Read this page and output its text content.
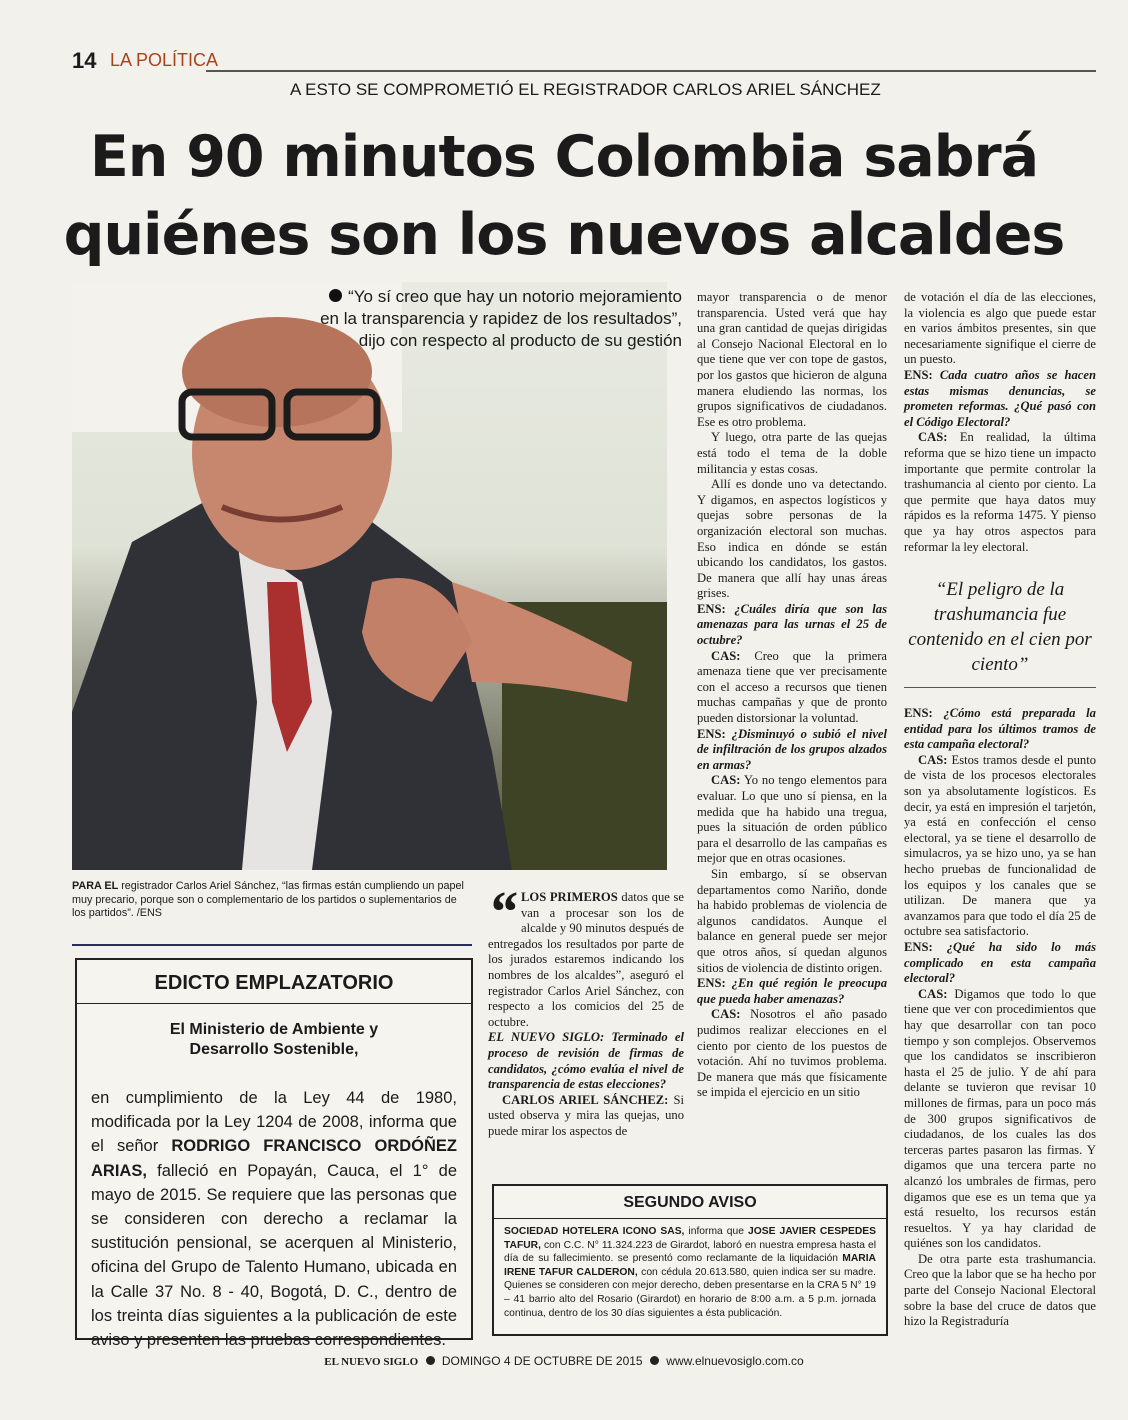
14 LA POLÍTICA
A ESTO SE COMPROMETIÓ EL REGISTRADOR CARLOS ARIEL SÁNCHEZ
En 90 minutos Colombia sabrá
quiénes son los nuevos alcaldes
“Yo sí creo que hay un notorio mejoramiento
en la transparencia y rapidez de los resultados”,
dijo con respecto al producto de su gestión
PARA EL registrador Carlos Ariel Sánchez, “las firmas están cumpliendo un papel muy precario, porque son o complementario de los partidos o suplementarios de los partidos”. /ENS	“ LOS PRIMEROS datos que se van a procesar son los de alcalde y 90 minutos después de entregados los resultados por parte de los jurados estaremos indicando los nombres de los alcaldes”, aseguró el registrador Carlos Ariel Sánchez, con respecto a los comicios del 25 de octubre.

EL NUEVO SIGLO: Terminado el proceso de revisión de firmas de candidatos, ¿cómo evalúa el nivel de transparencia de estas elecciones?

CARLOS ARIEL SÁNCHEZ: Si usted observa y mira las quejas, uno puede mirar los aspectos de

mayor transparencia o de menor transparencia. Usted verá que hay una gran cantidad de quejas dirigidas al Consejo Nacional Electoral en lo que tiene que ver con tope de gastos, por los gastos que hicieron de alguna manera eludiendo las normas, los grupos significativos de ciudadanos. Ese es otro problema.

Y luego, otra parte de las quejas está todo el tema de la doble militancia y estas cosas.

Allí es donde uno va detectando. Y digamos, en aspectos logísticos y quejas sobre personas de la organización electoral son muchas. Eso indica en dónde se están ubicando los candidatos, los gastos. De manera que allí hay unas áreas grises.

ENS: ¿Cuáles diría que son las amenazas para las urnas el 25 de octubre?

CAS: Creo que la primera amenaza tiene que ver precisamente con el acceso a recursos que tienen muchas campañas y que de pronto pueden distorsionar la voluntad.

ENS: ¿Disminuyó o subió el nivel de infiltración de los grupos alzados en armas?

CAS: Yo no tengo elementos para evaluar. Lo que uno sí piensa, en la medida que ha habido una tregua, pues la situación de orden público para el desarrollo de las campañas es mejor que en otras ocasiones.

Sin embargo, sí se observan departamentos como Nariño, donde ha habido problemas de violencia de algunos candidatos. Aunque el balance en general puede ser mejor que otros años, sí quedan algunos sitios de violencia de distinto origen.

ENS: ¿En qué región le preocupa que pueda haber amenazas?

CAS: Nosotros el año pasado pudimos realizar elecciones en el ciento por ciento de los puestos de votación. Ahí no tuvimos problema. De manera que más que físicamente se impida el ejercicio en un sitio

de votación el día de las elecciones, la violencia es algo que puede estar en varios ámbitos presentes, sin que necesariamente signifique el cierre de un puesto.

ENS: Cada cuatro años se hacen estas mismas denuncias, se prometen reformas. ¿Qué pasó con el Código Electoral?

CAS: En realidad, la última reforma que se hizo tiene un impacto importante que permite controlar la trashumancia al ciento por ciento. La que permite que haya datos muy rápidos es la reforma 1475. Y pienso que ya hay otros aspectos para reformar la ley electoral.

“El peligro de la trashumancia fue contenido en el cien por ciento”

ENS: ¿Cómo está preparada la entidad para los últimos tramos de esta campaña electoral?

CAS: Estos tramos desde el punto de vista de los procesos electorales son ya absolutamente logísticos. Es decir, ya está en impresión el tarjetón, ya está en confección el censo electoral, ya se tiene el desarrollo de simulacros, ya se hizo uno, ya se han hecho pruebas de funcionalidad de los equipos y los canales que se utilizan. De manera que ya avanzamos para que todo el día 25 de octubre sea satisfactorio.

ENS: ¿Qué ha sido lo más complicado en esta campaña electoral?

CAS: Digamos que todo lo que tiene que ver con procedimientos que hay que desarrollar con tan poco tiempo y son complejos. Observemos que los candidatos se inscribieron hasta el 25 de julio. Y de ahí para delante se tuvieron que revisar 10 millones de firmas, para un poco más de 300 grupos significativos de ciudadanos, de los cuales las dos terceras partes pasaron las firmas. Y digamos que una tercera parte no alcanzó los umbrales de firmas, pero digamos que ese es un tema que ya está resuelto, los recursos están resueltos. Y ya hay claridad de quiénes son los candidatos.

De otra parte esta trashumancia. Creo que la labor que se ha hecho por parte del Consejo Nacional Electoral sobre la base del cruce de datos que hizo la Registraduría

EDICTO EMPLAZATORIO
El Ministerio de Ambiente y
Desarrollo Sostenible,
en cumplimiento de la Ley 44 de 1980, modificada por la Ley 1204 de 2008, informa que el señor RODRIGO FRANCISCO ORDÓÑEZ ARIAS, falleció en Popayán, Cauca, el 1° de mayo de 2015. Se requiere que las personas que se consideren con derecho a reclamar la sustitución pensional, se acerquen al Ministerio, oficina del Grupo de Talento Humano, ubicada en la Calle 37 No. 8 - 40, Bogotá, D. C., dentro de los treinta días siguientes a la publicación de este aviso y presenten las pruebas correspondientes.
SEGUNDO AVISO
SOCIEDAD HOTELERA ICONO SAS, informa que JOSE JAVIER CESPEDES TAFUR, con C.C. N° 11.324.223 de Girardot, laboró en nuestra empresa hasta el día de su fallecimiento. se presentó como reclamante de la liquidación MARIA IRENE TAFUR CALDERON, con cédula 20.613.580, quien indica ser su madre. Quienes se consideren con mejor derecho, deben presentarse en la CRA 5 N° 19 – 41 barrio alto del Rosario (Girardot) en horario de 8:00 a.m. a 5 p.m. jornada continua, dentro de los 30 días siguientes a ésta publicación.
EL NUEVO SIGLO DOMINGO 4 DE OCTUBRE DE 2015 www.elnuevosiglo.com.co
